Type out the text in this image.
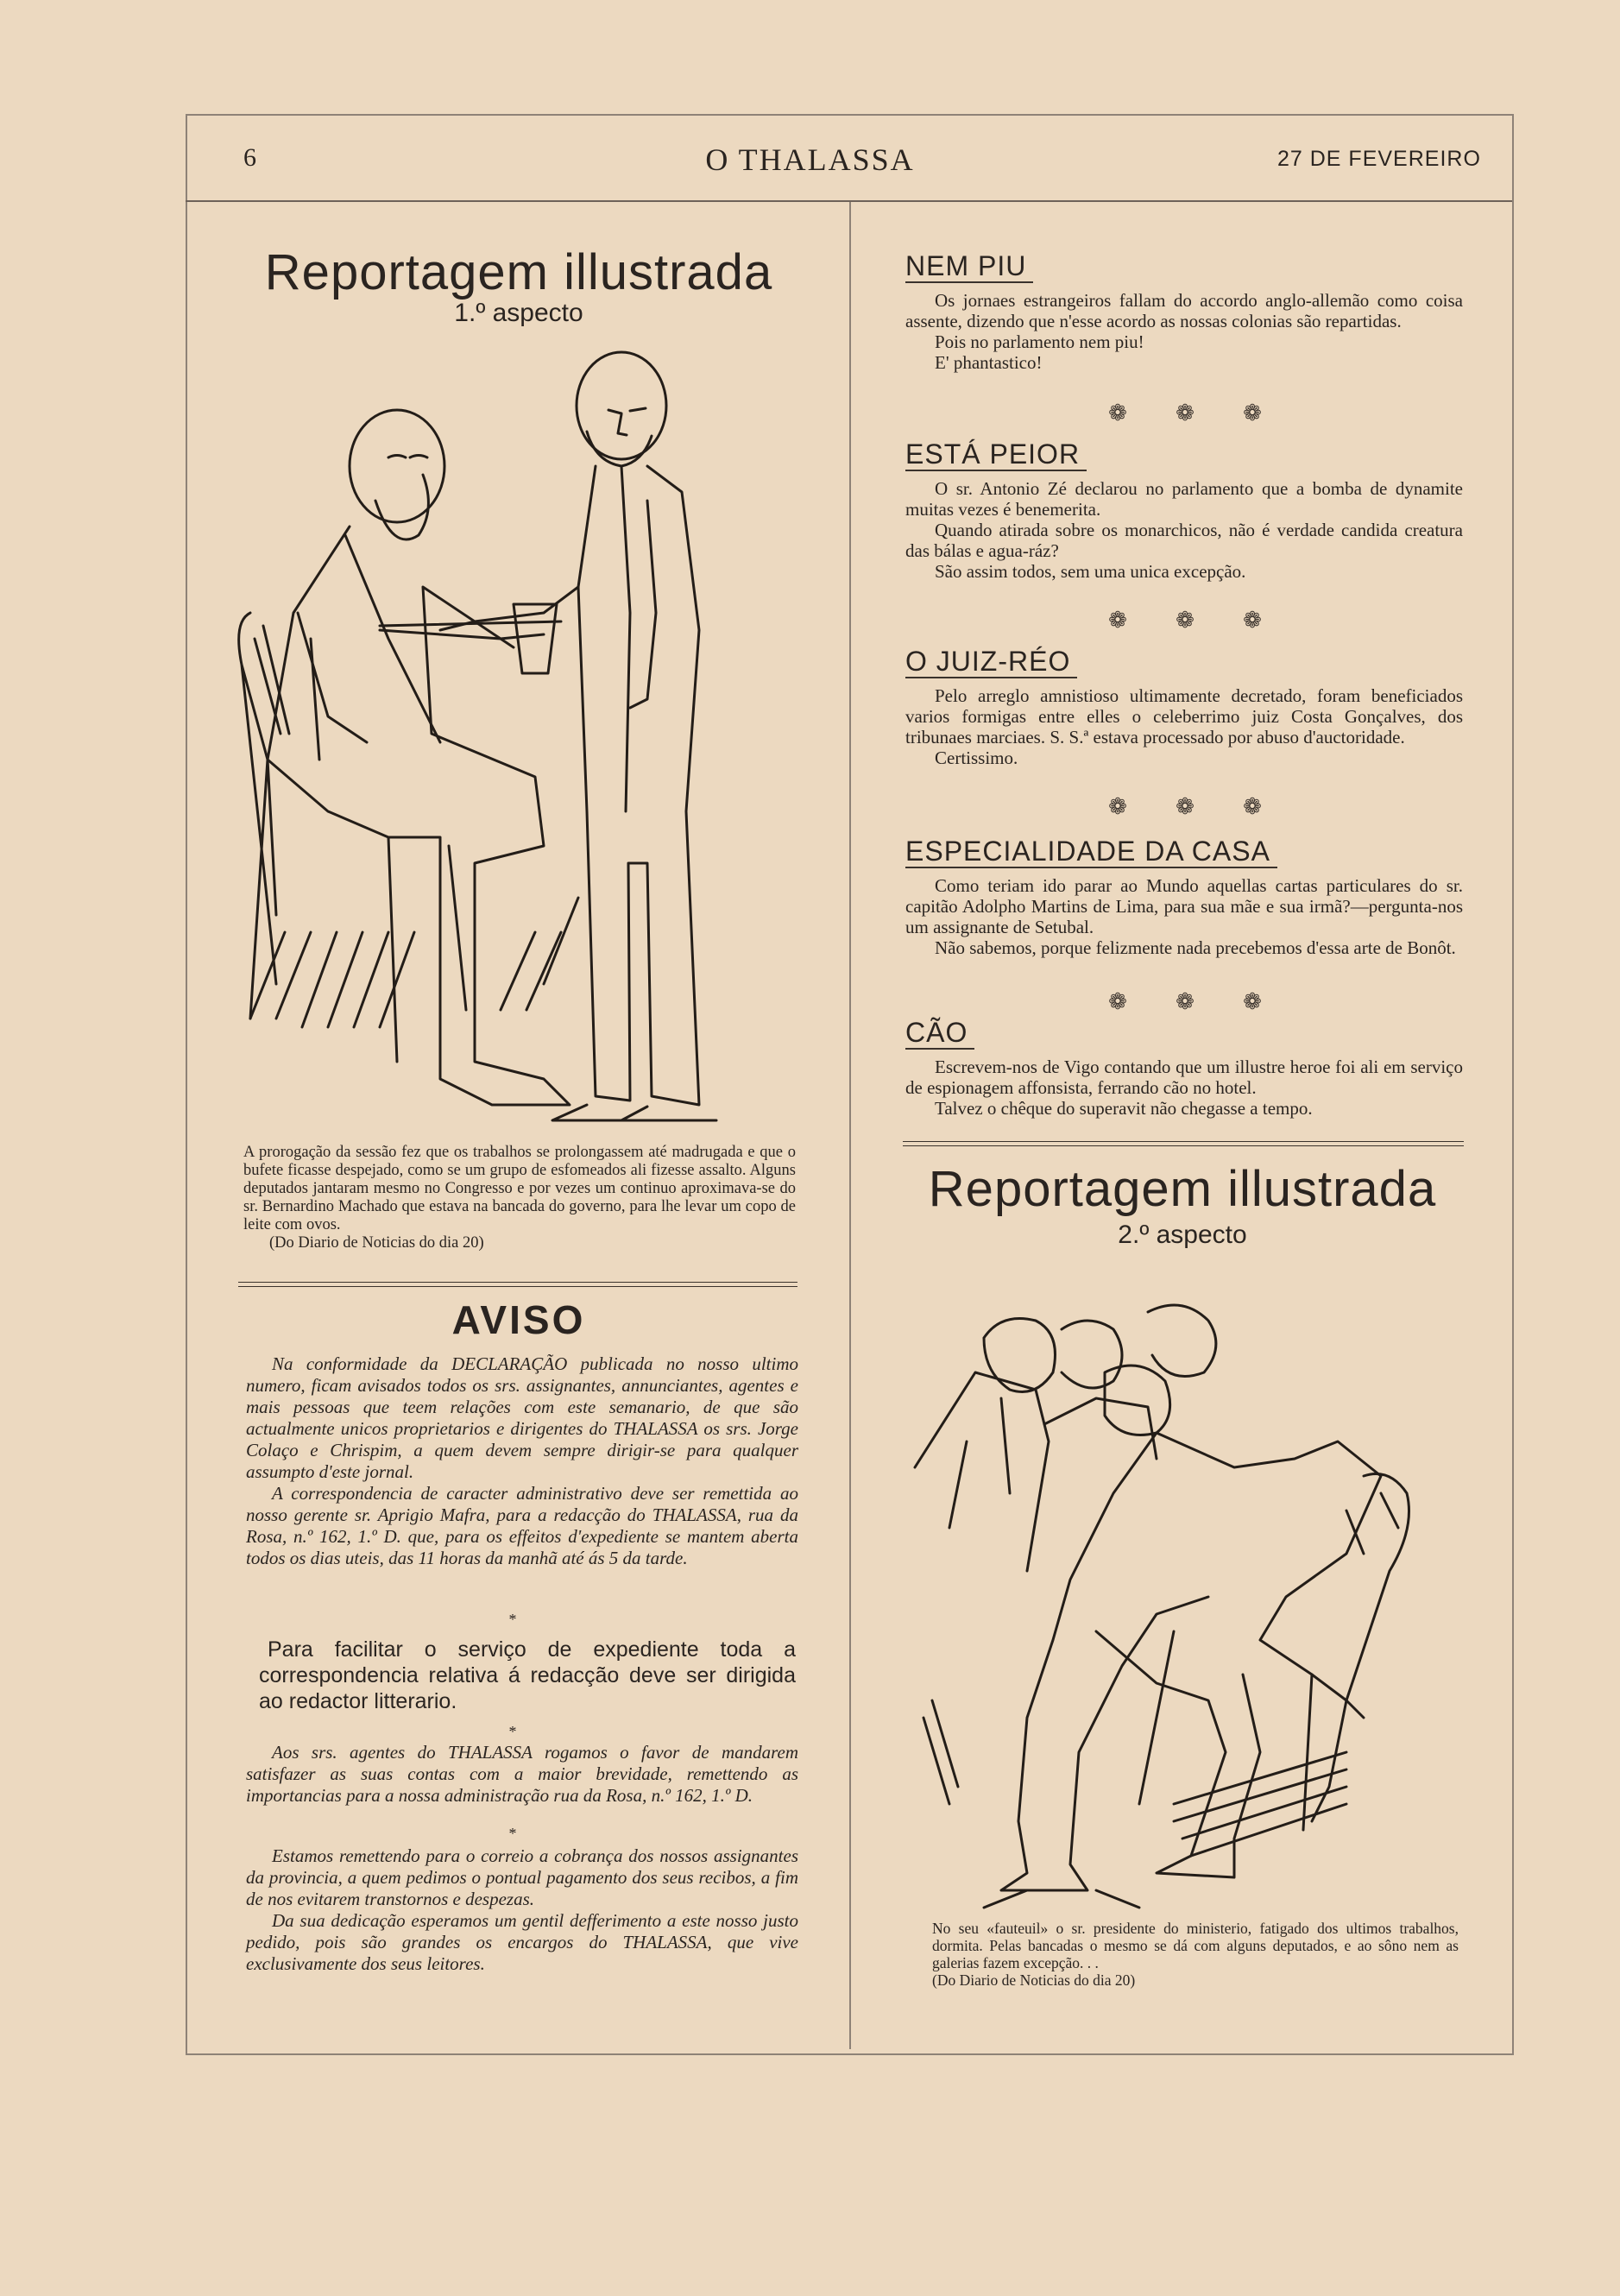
6	O THALASSA	27 DE FEVEREIRO
Reportagem illustrada
1.º aspecto
A prorogação da sessão fez que os trabalhos se prolongassem até madrugada e que o bufete ficasse despejado, como se um grupo de esfomeados ali fizesse assalto. Alguns deputados jantaram mesmo no Congresso e por vezes um continuo aproximava-se do sr. Bernardino Machado que estava na bancada do governo, para lhe levar um copo de leite com ovos.
(Do Diario de Noticias do dia 20)
AVISO

Na conformidade da DECLARAÇÃO publicada no nosso ultimo numero, ficam avisados todos os srs. assignantes, annunciantes, agentes e mais pessoas que teem relações com este semanario, de que são actualmente unicos proprietarios e dirigentes do THALASSA os srs. Jorge Colaço e Chrispim, a quem devem sempre dirigir-se para qualquer assumpto d'este jornal.

A correspondencia de caracter administrativo deve ser remettida ao nosso gerente sr. Aprigio Mafra, para a redacção do THALASSA, rua da Rosa, n.º 162, 1.º D. que, para os effeitos d'expediente se mantem aberta todos os dias uteis, das 11 horas da manhã até ás 5 da tarde.

*

Para facilitar o serviço de expediente toda a correspondencia relativa á redacção deve ser dirigida ao redactor litterario.

*

Aos srs. agentes do THALASSA rogamos o favor de mandarem satisfazer as suas contas com a maior brevidade, remettendo as importancias para a nossa administração rua da Rosa, n.º 162, 1.º D.

*

Estamos remettendo para o correio a cobrança dos nossos assignantes da provincia, a quem pedimos o pontual pagamento dos seus recibos, a fim de nos evitarem transtornos e despezas.

Da sua dedicação esperamos um gentil defferimento a este nosso justo pedido, pois são grandes os encargos do THALASSA, que vive exclusivamente dos seus leitores.

NEM PIU

Os jornaes estrangeiros fallam do accordo anglo-allemão como coisa assente, dizendo que n'esse acordo as nossas colonias são repartidas.

Pois no parlamento nem piu!

E' phantastico!

❁ ❁ ❁
ESTÁ PEIOR

O sr. Antonio Zé declarou no parlamento que a bomba de dynamite muitas vezes é benemerita.

Quando atirada sobre os monarchicos, não é verdade candida creatura das bálas e agua-ráz?

São assim todos, sem uma unica excepção.

❁ ❁ ❁
O JUIZ-RÉO

Pelo arreglo amnistioso ultimamente decretado, foram beneficiados varios formigas entre elles o celeberrimo juiz Costa Gonçalves, dos tribunaes marciaes. S. S.ª estava processado por abuso d'auctoridade.

Certissimo.

❁ ❁ ❁
ESPECIALIDADE DA CASA

Como teriam ido parar ao Mundo aquellas cartas particulares do sr. capitão Adolpho Martins de Lima, para sua mãe e sua irmã?—pergunta-nos um assignante de Setubal.

Não sabemos, porque felizmente nada precebemos d'essa arte de Bonôt.

❁ ❁ ❁
CÃO

Escrevem-nos de Vigo contando que um illustre heroe foi ali em serviço de espionagem affonsista, ferrando cão no hotel.

Talvez o chêque do superavit não chegasse a tempo.

Reportagem illustrada
2.º aspecto
No seu «fauteuil» o sr. presidente do ministerio, fatigado dos ultimos trabalhos, dormita. Pelas bancadas o mesmo se dá com alguns deputados, e ao sôno nem as galerias fazem excepção. . .
(Do Diario de Noticias do dia 20)
